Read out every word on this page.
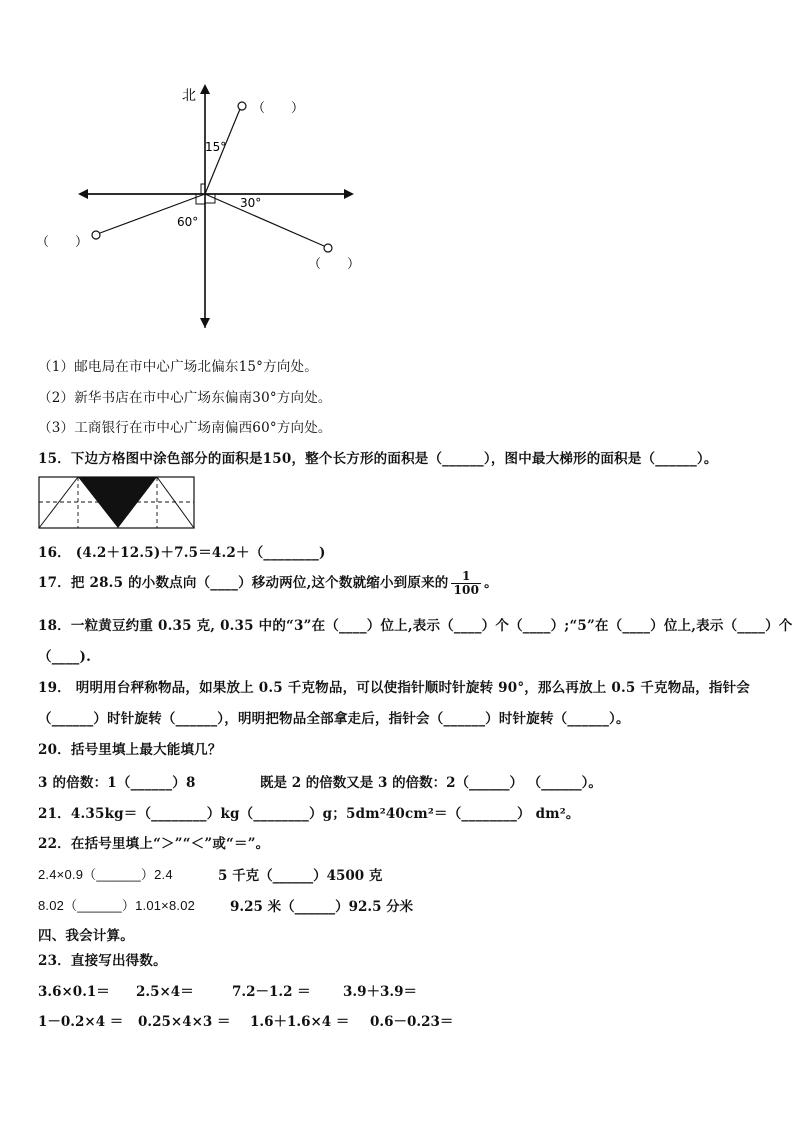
北
15°
30°
60°
（　　）
（　　）
（　　）
（1）邮电局在市中心广场北偏东15°方向处。
（2）新华书店在市中心广场东偏南30°方向处。
（3）工商银行在市中心广场南偏西60°方向处。
15．下边方格图中涂色部分的面积是150，整个长方形的面积是（______），图中最大梯形的面积是（______）。
16． (4.2＋12.5)＋7.5＝4.2＋（________)
17．把 28.5 的小数点向（____）移动两位,这个数就缩小到原来的 $\frac{1}{100}$ 。
18．一粒黄豆约重 0.35 克, 0.35 中的“3”在（____）位上,表示（____）个（____）;“5”在（____）位上,表示（____）个
（____).
19． 明明用台秤称物品，如果放上 0.5 千克物品，可以使指针顺时针旋转 90°，那么再放上 0.5 千克物品，指针会
（______）时针旋转（______），明明把物品全部拿走后，指针会（______）时针旋转（______）。
20．括号里填上最大能填几？
3 的倍数：1（______）8	既是 2 的倍数又是 3 的倍数：2（______） （______）。
21．4.35kg＝（________）kg（________）g；5dm²40cm²＝（________） dm²。
22．在括号里填上“＞”“＜”或“＝”。
2.4×0.9（______）2.4	5 千克（______）4500 克
8.02（______）1.01×8.02	9.25 米（______）92.5 分米
四、我会计算。
23．直接写出得数。
3.6×0.1＝ 2.5×4＝	7.2－1.2 ＝ 3.9＋3.9＝
1－0.2×4 ＝ 0.25×4×3 ＝ 1.6＋1.6×4 ＝ 0.6－0.23＝
